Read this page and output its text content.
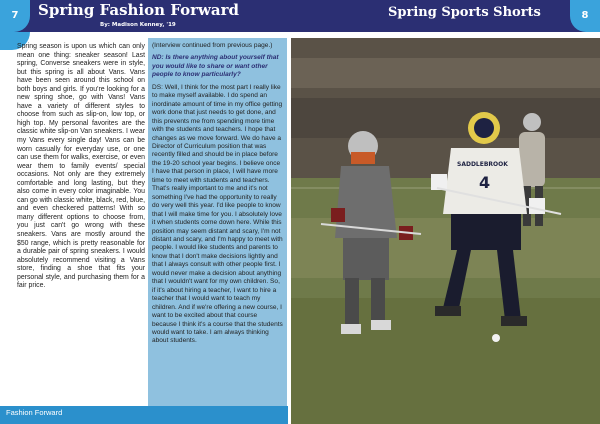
7	8
Spring Fashion Forward
By: Madison Kenney, '19
Spring Sports Shorts
Spring season is upon us which can only mean one thing: sneaker season! Last spring, Converse sneakers were in style, but this spring is all about Vans. Vans have been seen around this school on both boys and girls. If you're looking for a new spring shoe, go with Vans! Vans have a variety of different styles to choose from such as slip-on, low top, or high top. My personal favorites are the classic white slip-on Van sneakers. I wear my Vans every single day! Vans can be worn casually for everyday use, or one can use them for walks, exercise, or even wear them to family events/ special occasions. Not only are they extremely comfortable and long lasting, but they also come in every color imaginable. You can go with classic white, black, red, blue, and even checkered patterns! With so many different options to choose from, you just can't go wrong with these sneakers. Vans are mostly around the $50 range, which is pretty reasonable for a durable pair of spring sneakers. I would absolutely recommend visiting a Vans store, finding a shoe that fits your personal style, and purchasing them for a fair price.

(Interview continued from previous page.)

ND: Is there anything about yourself that you would like to share or want other people to know particularly?

DS: Well, I think for the most part I really like to make myself available. I do spend an inordinate amount of time in my office getting work done that just needs to get done, and this prevents me from spending more time with the students and teachers. I hope that changes as we move forward. We do have a Director of Curriculum position that was recently filled and should be in place before the 19-20 school year begins. I believe once I have that person in place, I will have more time to meet with students and teachers. That's really important to me and it's not something I've had the opportunity to really do very well this year. I'd like people to know that I will make time for you. I absolutely love it when students come down here. While this position may seem distant and scary, I'm not distant and scary, and I'm happy to meet with people. I would like students and parents to know that I don't make decisions lightly and that I always consult with other people first. I would never make a decision about anything that I wouldn't want for my own children. So, if it's about hiring a teacher, I want to hire a teacher that I would want to teach my children. And if we're offering a new course, I want to be excited about that course because I think it's a course that the students would want to take. I am always thinking about students.

4
SADDLEBROOK
Fashion Forward
